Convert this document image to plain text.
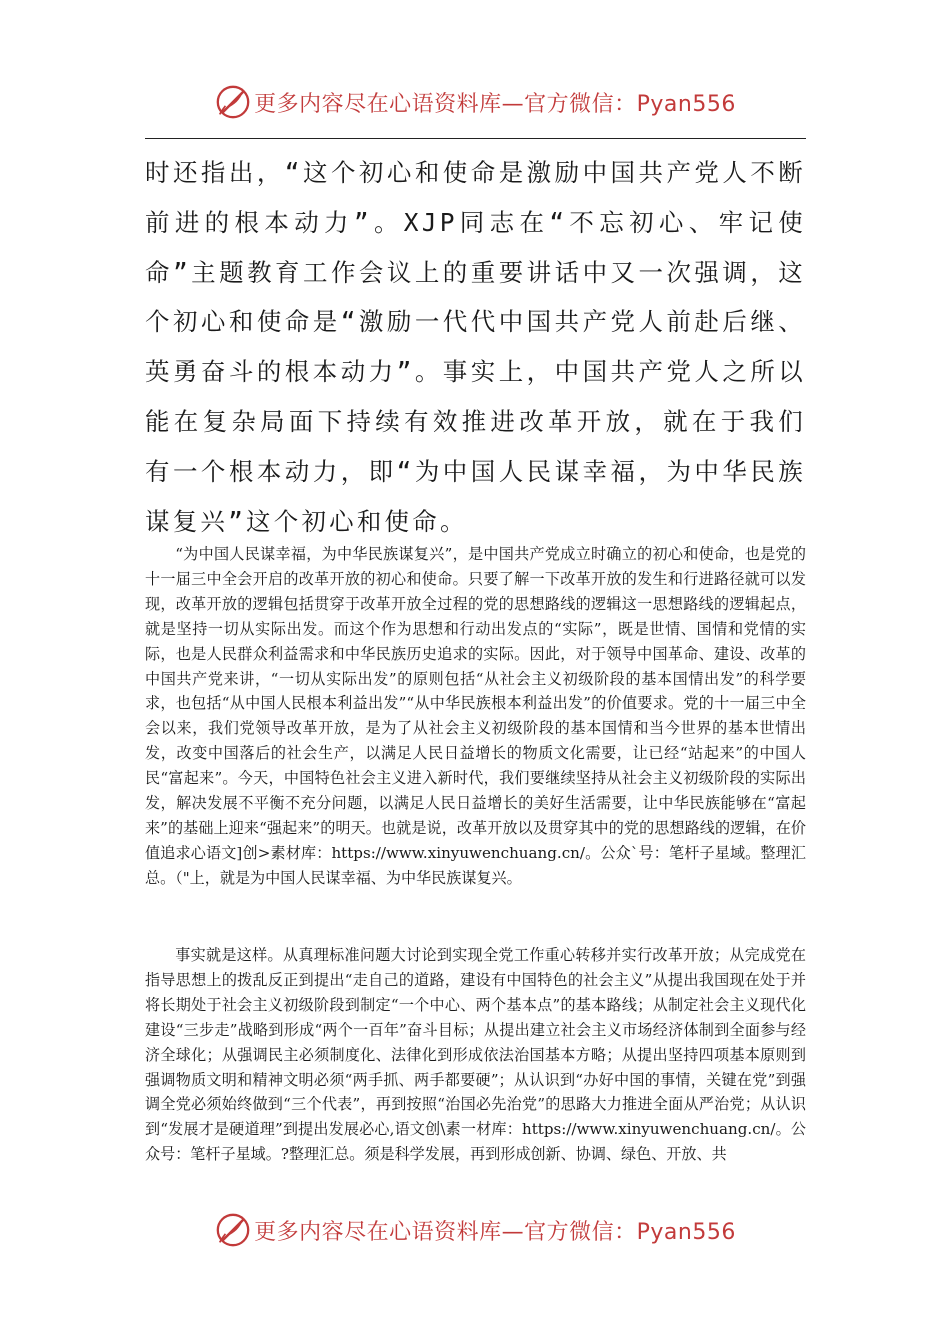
更多内容尽在心语资料库—官方微信：Pyan556

时还指出，“这个初心和使命是激励中国共产党人不断前进的根本动力”。XJP同志在“不忘初心、牢记使命”主题教育工作会议上的重要讲话中又一次强调，这个初心和使命是“激励一代代中国共产党人前赴后继、英勇奋斗的根本动力”。事实上，中国共产党人之所以能在复杂局面下持续有效推进改革开放，就在于我们有一个根本动力，即“为中国人民谋幸福，为中华民族谋复兴”这个初心和使命。

“为中国人民谋幸福，为中华民族谋复兴”，是中国共产党成立时确立的初心和使命，也是党的十一届三中全会开启的改革开放的初心和使命。只要了解一下改革开放的发生和行进路径就可以发现，改革开放的逻辑包括贯穿于改革开放全过程的党的思想路线的逻辑这一思想路线的逻辑起点，就是坚持一切从实际出发。而这个作为思想和行动出发点的“实际”，既是世情、国情和党情的实际，也是人民群众利益需求和中华民族历史追求的实际。因此，对于领导中国革命、建设、改革的中国共产党来讲，“一切从实际出发”的原则包括“从社会主义初级阶段的基本国情出发”的科学要求，也包括“从中国人民根本利益出发”“从中华民族根本利益出发”的价值要求。党的十一届三中全会以来，我们党领导改革开放，是为了从社会主义初级阶段的基本国情和当今世界的基本世情出发，改变中国落后的社会生产，以满足人民日益增长的物质文化需要，让已经“站起来”的中国人民“富起来”。今天，中国特色社会主义进入新时代，我们要继续坚持从社会主义初级阶段的实际出发，解决发展不平衡不充分问题，以满足人民日益增长的美好生活需要，让中华民族能够在“富起来”的基础上迎来“强起来”的明天。也就是说，改革开放以及贯穿其中的党的思想路线的逻辑，在价值追求心语文]创>素材库：https://www.xinyuwenchuang.cn/。公众`号：笔杆子星域。整理汇总。（"上，就是为中国人民谋幸福、为中华民族谋复兴。

事实就是这样。从真理标准问题大讨论到实现全党工作重心转移并实行改革开放；从完成党在指导思想上的拨乱反正到提出“走自己的道路，建设有中国特色的社会主义”从提出我国现在处于并将长期处于社会主义初级阶段到制定“一个中心、两个基本点”的基本路线；从制定社会主义现代化建设“三步走”战略到形成“两个一百年”奋斗目标；从提出建立社会主义市场经济体制到全面参与经济全球化；从强调民主必须制度化、法律化到形成依法治国基本方略；从提出坚持四项基本原则到强调物质文明和精神文明必须“两手抓、两手都要硬”；从认识到“办好中国的事情，关键在党”到强调全党必须始终做到“三个代表”，再到按照“治国必先治党”的思路大力推进全面从严治党；从认识到“发展才是硬道理”到提出发展必心,语文创\素一材库：https://www.xinyuwenchuang.cn/。公众号：笔杆子星域。?整理汇总。须是科学发展，再到形成创新、协调、绿色、开放、共

更多内容尽在心语资料库—官方微信：Pyan556
